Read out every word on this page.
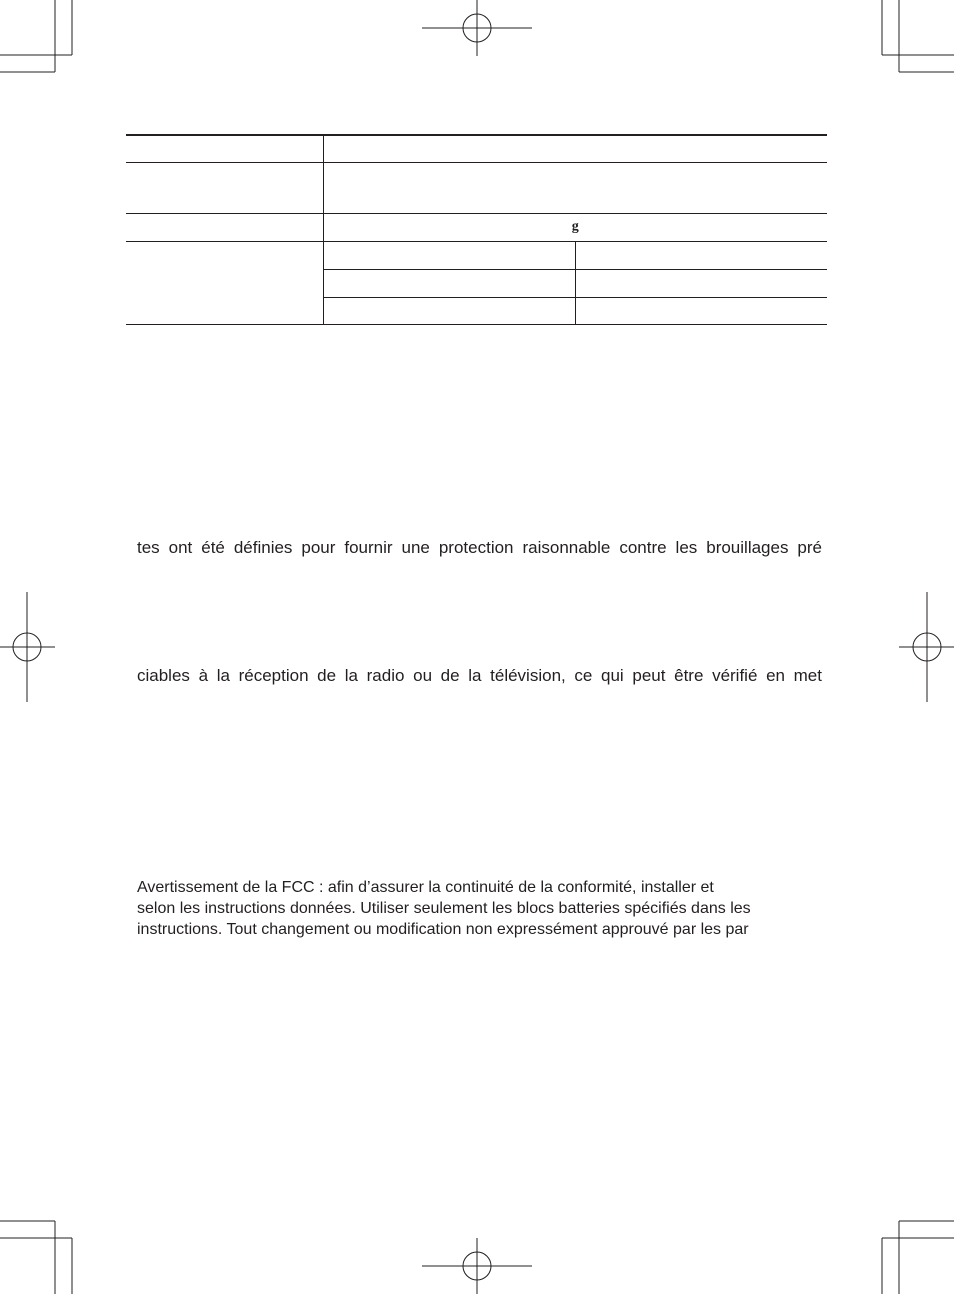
	g	

tes ont été définies pour fournir une protection raisonnable contre les brouillages pré
ciables à la réception de la radio ou de la télévision, ce qui peut être vérifié en met
Avertissement de la FCC : afin d’assurer la continuité de la conformité, installer et
selon les instructions données. Utiliser seulement les blocs batteries spécifiés dans les
instructions. Tout changement ou modification non expressément approuvé par les par
